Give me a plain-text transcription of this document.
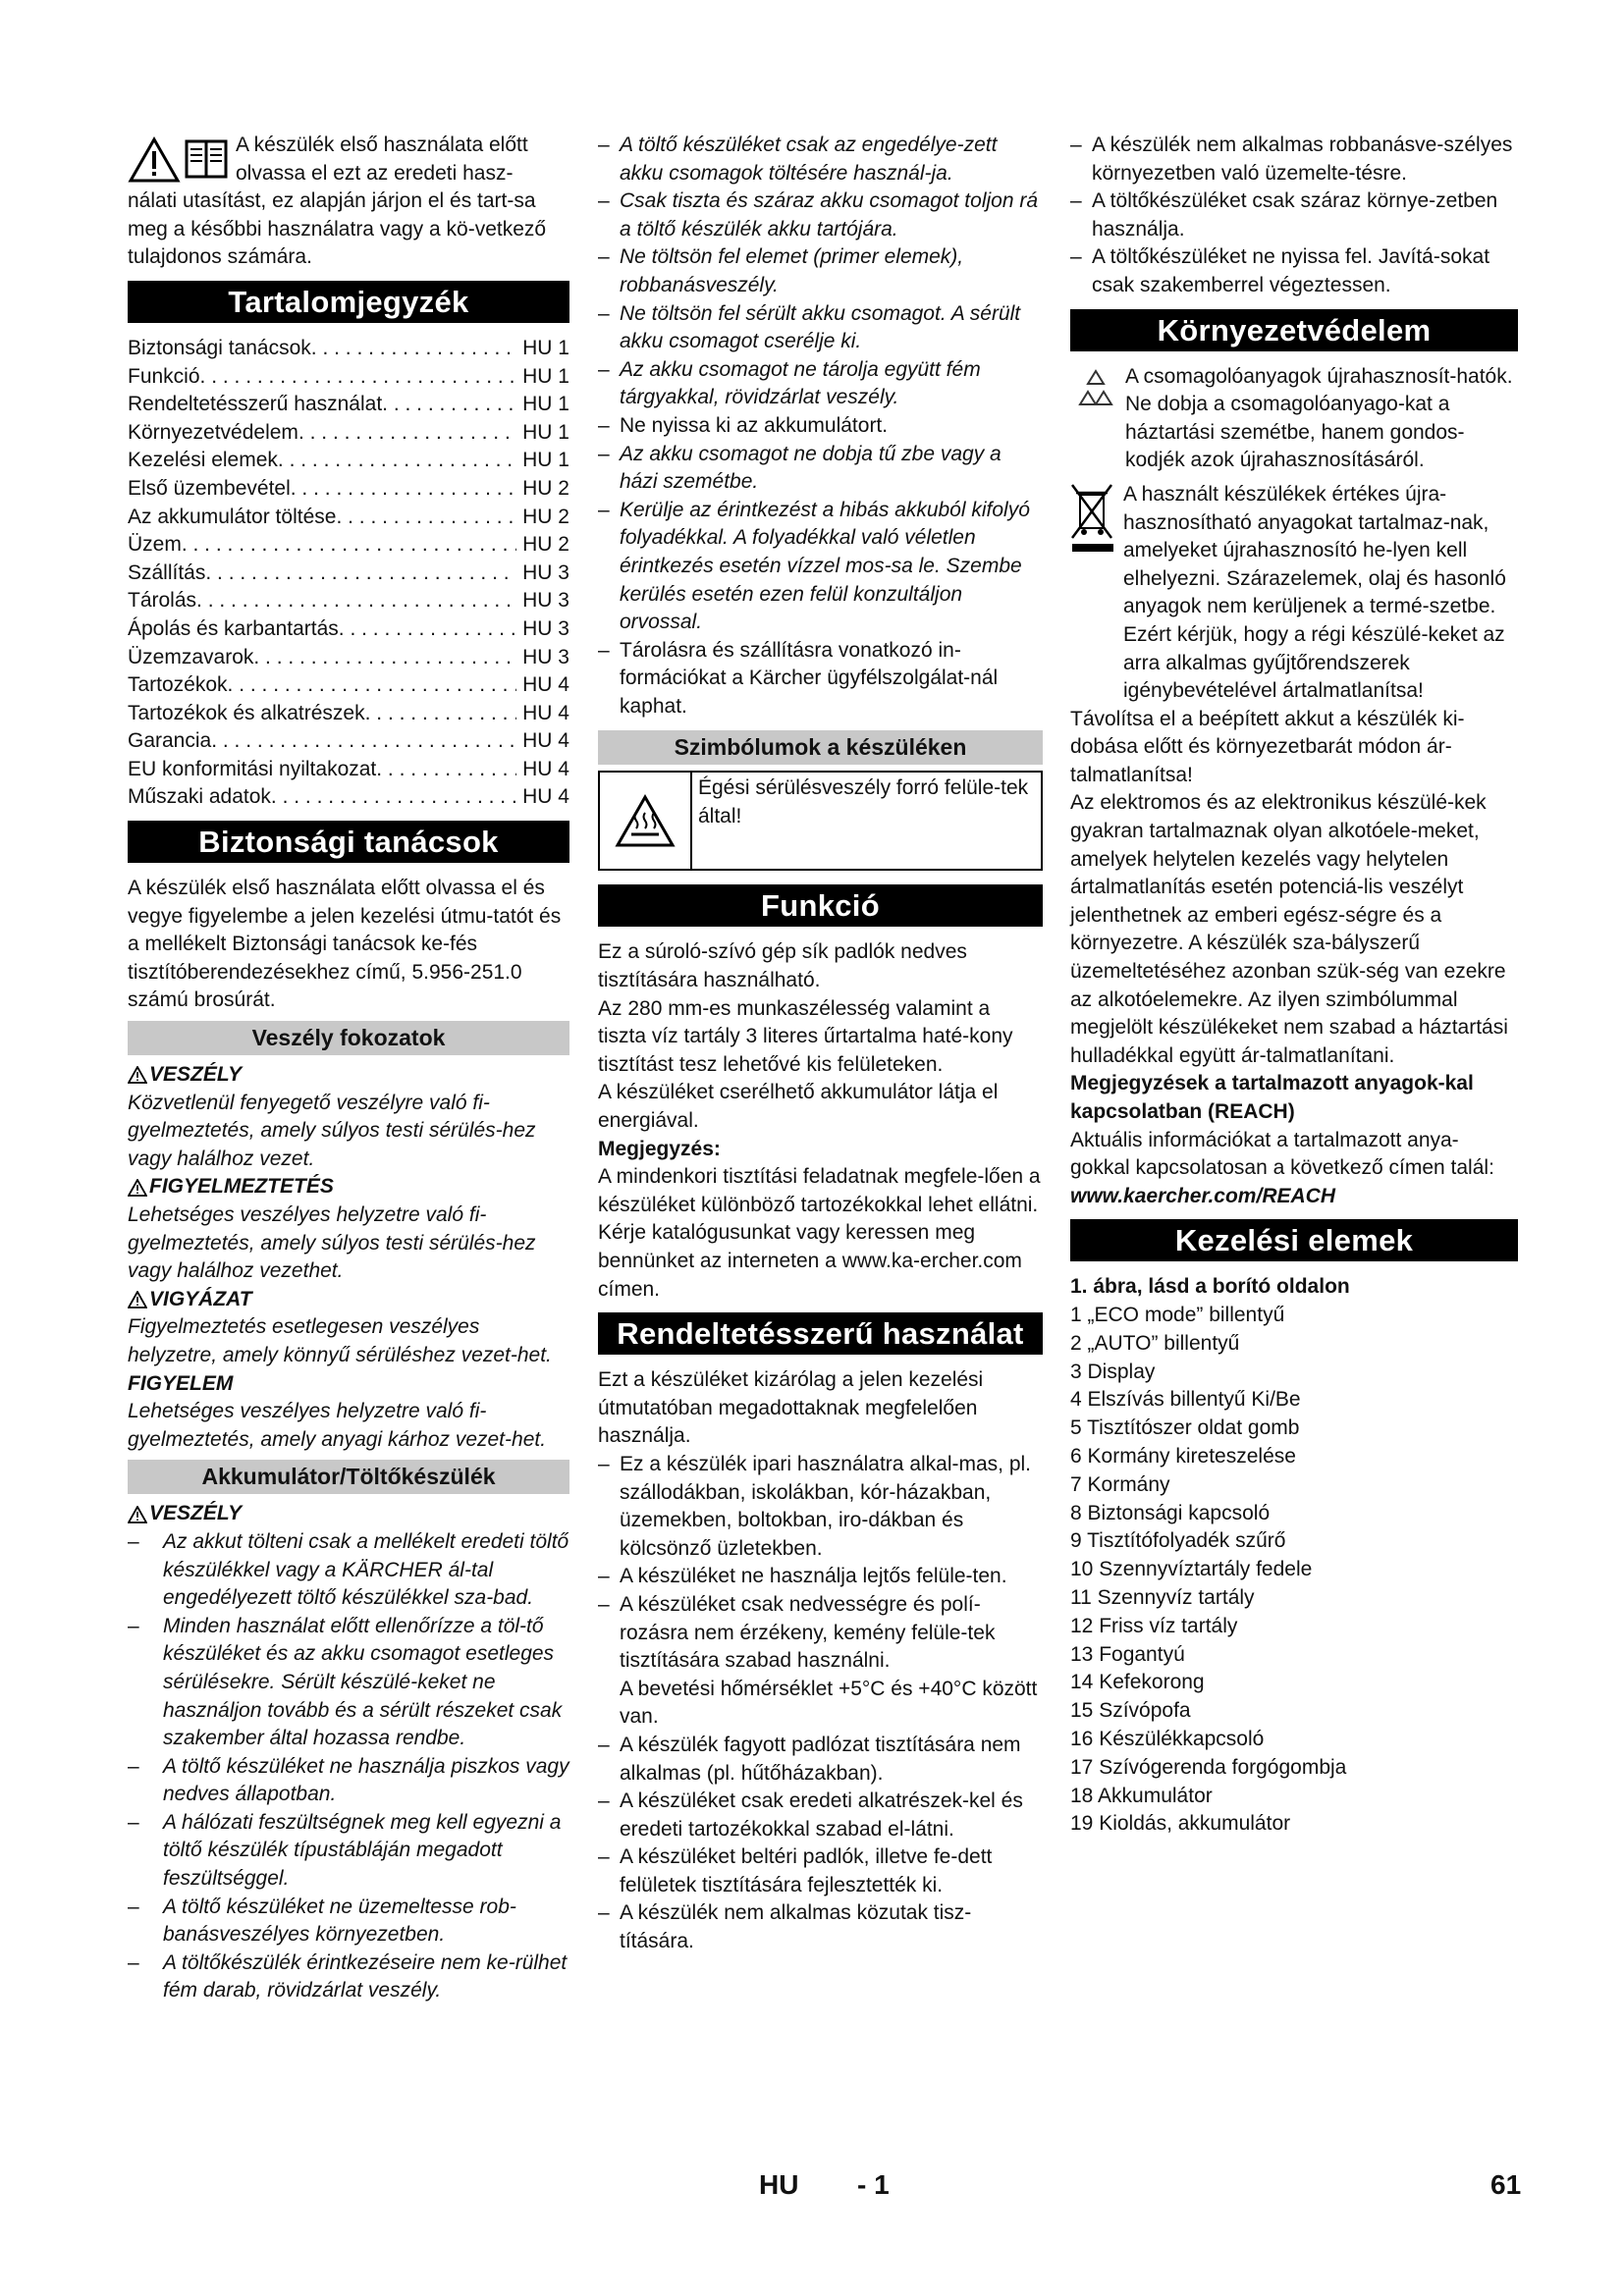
A készülék első használata előtt

olvassa el ezt az eredeti hasz-

nálati utasítást, ez alapján járjon el és tart-sa meg a későbbi használatra vagy a kö-vetkező tulajdonos számára.

Tartalomjegyzék
Biztonsági tanácsok . . .	HU 1
Funkció . . .	HU 1
Rendeltetésszerű használat . . .	HU 1
Környezetvédelem . . .	HU 1
Kezelési elemek . . .	HU 1
Első üzembevétel . . .	HU 2
Az akkumulátor töltése . . .	HU 2
Üzem . . .	HU 2
Szállítás . . .	HU 3
Tárolás . . .	HU 3
Ápolás és karbantartás . . .	HU 3
Üzemzavarok . . .	HU 3
Tartozékok . . .	HU 4
Tartozékok és alkatrészek . . .	HU 4
Garancia . . .	HU 4
EU konformitási nyiltakozat . . .	HU 4
Műszaki adatok . . .	HU 4
Biztonsági tanácsok

A készülék első használata előtt olvassa el és vegye figyelembe a jelen kezelési útmu-tatót és a mellékelt Biztonsági tanácsok ke-fés tisztítóberendezésekhez című, 5.956-251.0 számú brosúrát.

Veszély fokozatok
VESZÉLY

Közvetlenül fenyegető veszélyre való fi-gyelmeztetés, amely súlyos testi sérülés-hez vagy halálhoz vezet.

FIGYELMEZTETÉS

Lehetséges veszélyes helyzetre való fi-gyelmeztetés, amely súlyos testi sérülés-hez vagy halálhoz vezethet.

VIGYÁZAT

Figyelmeztetés esetlegesen veszélyes helyzetre, amely könnyű sérüléshez vezet-het.

FIGYELEM

Lehetséges veszélyes helyzetre való fi-gyelmeztetés, amely anyagi kárhoz vezet-het.

Akkumulátor/Töltőkészülék
VESZÉLY
–	Az akkut tölteni csak a mellékelt eredeti töltő készülékkel vagy a KÄRCHER ál-tal engedélyezett töltő készülékkel sza-bad.
–	Minden használat előtt ellenőrízze a töl-tő készüléket és az akku csomagot esetleges sérülésekre. Sérült készülé-keket ne használjon tovább és a sérült részeket csak szakember által hozassa rendbe.
–	A töltő készüléket ne használja piszkos vagy nedves állapotban.
–	A hálózati feszültségnek meg kell egyezni a töltő készülék típustábláján megadott feszültséggel.
–	A töltő készüléket ne üzemeltesse rob-banásveszélyes környezetben.
–	A töltőkészülék érintkezéseire nem ke-rülhet fém darab, rövidzárlat veszély.
– A töltő készüléket csak az engedélye-zett akku csomagok töltésére használ-ja.
– Csak tiszta és száraz akku csomagot toljon rá a töltő készülék akku tartójára.
– Ne töltsön fel elemet (primer elemek), robbanásveszély.
– Ne töltsön fel sérült akku csomagot. A sérült akku csomagot cserélje ki.
– Az akku csomagot ne tárolja együtt fém tárgyakkal, rövidzárlat veszély.
– Ne nyissa ki az akkumulátort.
– Az akku csomagot ne dobja tű zbe vagy a házi szemétbe.
– Kerülje az érintkezést a hibás akkuból kifolyó folyadékkal. A folyadékkal való véletlen érintkezés esetén vízzel mos-sa le. Szembe kerülés esetén ezen felül konzultáljon orvossal.
– Tárolásra és szállításra vonatkozó in-formációkat a Kärcher ügyfélszolgálat-nál kaphat.
Szimbólumok a készüléken
Égési sérülésveszély forró felüle-tek által!
Funkció

Ez a súroló-szívó gép sík padlók nedves tisztítására használható.

Az 280 mm-es munkaszélesség valamint a tiszta víz tartály 3 literes űrtartalma haté-kony tisztítást tesz lehetővé kis felületeken.

A készüléket cserélhető akkumulátor látja el energiával.

Megjegyzés:

A mindenkori tisztítási feladatnak megfele-lően a készüléket különböző tartozékokkal lehet ellátni.

Kérje katalógusunkat vagy keressen meg bennünket az interneten a www.ka-ercher.com címen.

Rendeltetésszerű használat

Ezt a készüléket kizárólag a jelen kezelési útmutatóban megadottaknak megfelelően használja.

– Ez a készülék ipari használatra alkal-mas, pl. szállodákban, iskolákban, kór-házakban, üzemekben, boltokban, iro-dákban és kölcsönző üzletekben.
– A készüléket ne használja lejtős felüle-ten.
– A készüléket csak nedvességre és polí-rozásra nem érzékeny, kemény felüle-tek tisztítására szabad használni.
A bevetési hőmérséklet +5°C és +40°C között van.
– A készülék fagyott padlózat tisztítására nem alkalmas (pl. hűtőházakban).
– A készüléket csak eredeti alkatrészek-kel és eredeti tartozékokkal szabad el-látni.
– A készüléket beltéri padlók, illetve fe-dett felületek tisztítására fejlesztették ki.
– A készülék nem alkalmas közutak tisz-títására.
– A készülék nem alkalmas robbanásve-szélyes környezetben való üzemelte-tésre.
– A töltőkészüléket csak száraz környe-zetben használja.
– A töltőkészüléket ne nyissa fel. Javítá-sokat csak szakemberrel végeztessen.
Környezetvédelem

A csomagolóanyagok újrahasznosít-hatók. Ne dobja a csomagolóanyago-kat a háztartási szemétbe, hanem gondos-kodjék azok újrahasznosításáról.

A használt készülékek értékes újra-hasznosítható anyagokat tartalmaz-nak, amelyeket újrahasznosító he-lyen kell elhelyezni. Szárazelemek, olaj és hasonló anyagok nem kerüljenek a termé-szetbe. Ezért kérjük, hogy a régi készülé-keket az arra alkalmas gyűjtőrendszerek igénybevételével ártalmatlanítsa!

Távolítsa el a beépített akkut a készülék ki-dobása előtt és környezetbarát módon ár-talmatlanítsa!

Az elektromos és az elektronikus készülé-kek gyakran tartalmaznak olyan alkotóele-meket, amelyek helytelen kezelés vagy helytelen ártalmatlanítás esetén potenciá-lis veszélyt jelenthetnek az emberi egész-ségre és a környezetre. A készülék sza-bályszerű üzemeltetéséhez azonban szük-ség van ezekre az alkotóelemekre. Az ilyen szimbólummal megjelölt készülékeket nem szabad a háztartási hulladékkal együtt ár-talmatlanítani.

Megjegyzések a tartalmazott anyagok-kal kapcsolatban (REACH)

Aktuális információkat a tartalmazott anya-gokkal kapcsolatosan a következő címen talál:

www.kaercher.com/REACH

Kezelési elemek

1. ábra, lásd a borító oldalon

1 „ECO mode” billentyű

2 „AUTO” billentyű

3 Display

4 Elszívás billentyű Ki/Be

5 Tisztítószer oldat gomb

6 Kormány kireteszelése

7 Kormány

8 Biztonsági kapcsoló

9 Tisztítófolyadék szűrő

10 Szennyvíztartály fedele

11 Szennyvíz tartály

12 Friss víz tartály

13 Fogantyú

14 Kefekorong

15 Szívópofa

16 Készülékkapcsoló

17 Szívógerenda forgógombja

18 Akkumulátor

19 Kioldás, akkumulátor

HU - 1	61
